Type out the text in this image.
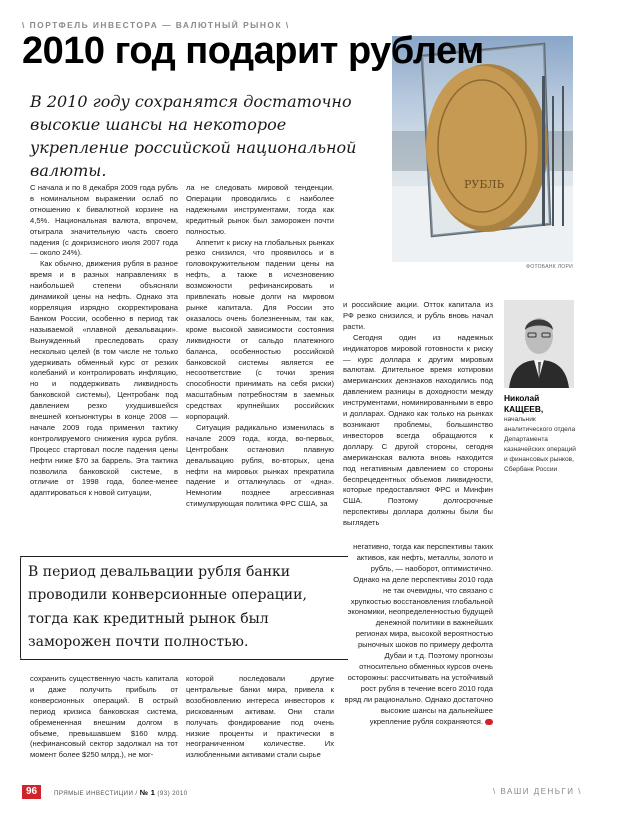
\ ПОРТФЕЛЬ ИНВЕСТОРА — ВАЛЮТНЫЙ РЫНОК \
2010 год подарит рублем
РУБЛЬ
ФОТОБАНК ЛОРИ
В 2010 году сохранятся достаточно высокие шансы на некоторое укрепление российской национальной валюты.

С начала и по 8 декабря 2009 года рубль в номинальном выражении ослаб по отношению к бивалютной корзине на 4,5%. Национальная валюта, впрочем, отыграла значительную часть своего падения (с докризисного июля 2007 года — около 24%).

Как обычно, движения рубля в разное время и в разных направлениях в наибольшей степени объясняли динамикой цены на нефть. Однако эта корреляция изрядно скорректирована Банком России, особенно в период так называемой «плавной девальвации». Вынужденный преследовать сразу несколько целей (в том числе не только удерживать обменный курс от резких колебаний и контролировать инфляцию, но и поддерживать ликвидность банковской системы), Центробанк под давлением резко ухудшившейся внешней конъюнктуры в конце 2008 — начале 2009 года применил тактику контролируемого снижения курса рубля. Процесс стартовал после падения цены нефти ниже $70 за баррель. Эта тактика позволила банковской системе, в отличие от 1998 года, более-менее адаптироваться к новой ситуации,

ла не следовать мировой тенденции. Операции проводились с наиболее надежными инструментами, тогда как кредитный рынок был заморожен почти полностью.

Аппетит к риску на глобальных рынках резко снизился, что проявилось и в головокружительном падении цены на нефть, а также в исчезновению возможности рефинансировать и привлекать новые долги на мировом рынке капитала. Для России это оказалось очень болезненным, так как, кроме высокой зависимости состояния ликвидности от сальдо платежного баланса, особенностью российской банковской системы является ее несоответствие (с точки зрения способности принимать на себя риски) масштабным потребностям в заемных средствах крупнейших российских корпораций.

Ситуация радикально изменилась в начале 2009 года, когда, во-первых, Центробанк остановил плавную девальвацию рубля, во-вторых, цена нефти на мировых рынках прекратила падение и отталкнулась от «дна». Немногим позднее агрессивная стимулирующая политика ФРС США, за

и российские акции. Отток капитала из РФ резко снизился, и рубль вновь начал расти.

Сегодня один из надежных индикаторов мировой готовности к риску — курс доллара к другим мировым валютам. Длительное время котировки американских дензнаков находились под давлением разницы в доходности между инструментами, номинированными в евро и долларах. Однако как только на рынках возникают проблемы, большинство инвесторов всегда обращаются к доллару. С другой стороны, сегодня американская валюта вновь находится под негативным давлением со стороны беспрецедентных объемов ликвидности, которые предоставляют ФРС и Минфин США. Поэтому долгосрочные перспективы доллара должны были бы выглядеть

Николай
КАЩЕЕВ,
начальник аналитического отдела Департамента казначейских операций и финансовых рынков, Сбербанк России
В период девальвации рубля банки проводили конверсионные операции, тогда как кредитный рынок был заморожен почти полностью.

сохранить существенную часть капитала и даже получить прибыль от конверсионных операций. В острый период кризиса банковская система, обремененная внешним долгом в объеме, превышавшем $160 млрд. (нефинансовый сектор задолжал на тот момент более $250 млрд.), не мог-

которой последовали другие центральные банки мира, привела к возобновлению интереса инвесторов к рискованным активам. Они стали получать фондирование под очень низкие проценты и практически в неограниченном количестве. Их излюбленными активами стали сырье

негативно, тогда как перспективы таких активов, как нефть, металлы, золото и рубль, — наоборот, оптимистично. Однако на деле перспективы 2010 года не так очевидны, что связано с хрупкостью восстановления глобальной экономики, неопределенностью будущей денежной политики в важнейших регионах мира, высокой вероятностью рыночных шоков по примеру дефолта Дубаи и т.д. Поэтому прогнозы относительно обменных курсов очень осторожны: рассчитывать на устойчивый рост рубля в течение всего 2010 года вряд ли рационально. Однако достаточно высокие шансы на дальнейшее укрепление рубля сохраняются.

96	ПРЯМЫЕ ИНВЕСТИЦИИ / № 1 (93) 2010	\ ВАШИ ДЕНЬГИ \
